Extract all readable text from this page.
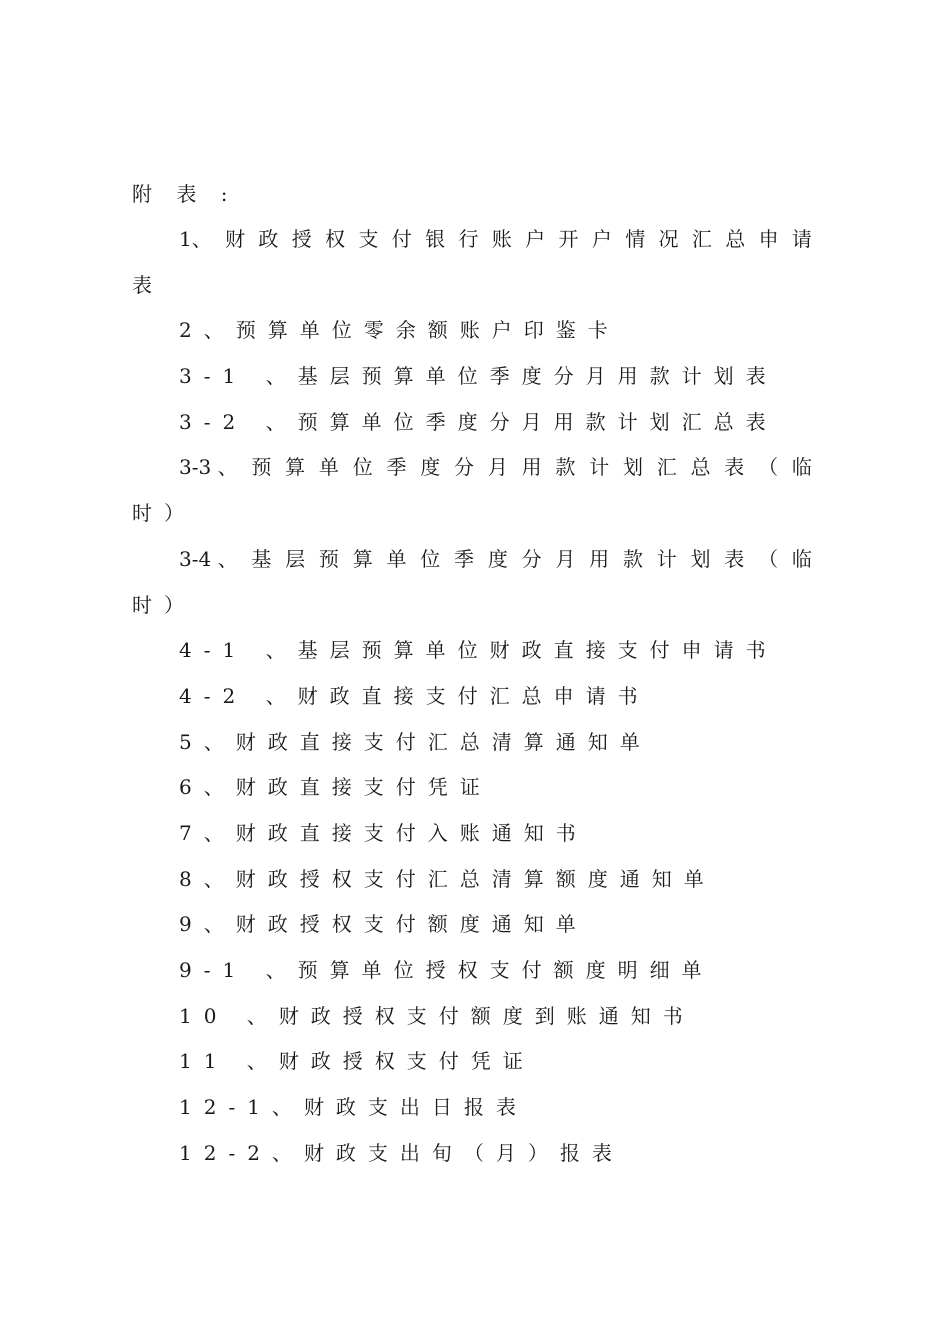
附 表 :
1、 财 政 授 权 支 付 银 行 账 户 开 户 情 况 汇 总 申 请
表
2、预算单位零余额账户印鉴卡
3-1 、基层预算单位季度分月用款计划表
3-2 、预算单位季度分月用款计划汇总表
3-3 、 预 算 单 位 季 度 分 月 用 款 计 划 汇 总 表 （ 临
时）
3-4 、 基 层 预 算 单 位 季 度 分 月 用 款 计 划 表 （ 临
时）
4-1 、基层预算单位财政直接支付申请书
4-2 、财政直接支付汇总申请书
5、财政直接支付汇总清算通知单
6、财政直接支付凭证
7、财政直接支付入账通知书
8、财政授权支付汇总清算额度通知单
9、财政授权支付额度通知单
9-1 、预算单位授权支付额度明细单
10 、财政授权支付额度到账通知书
11 、财政授权支付凭证
12-1、财政支出日报表
12-2、财政支出旬（月）报表
